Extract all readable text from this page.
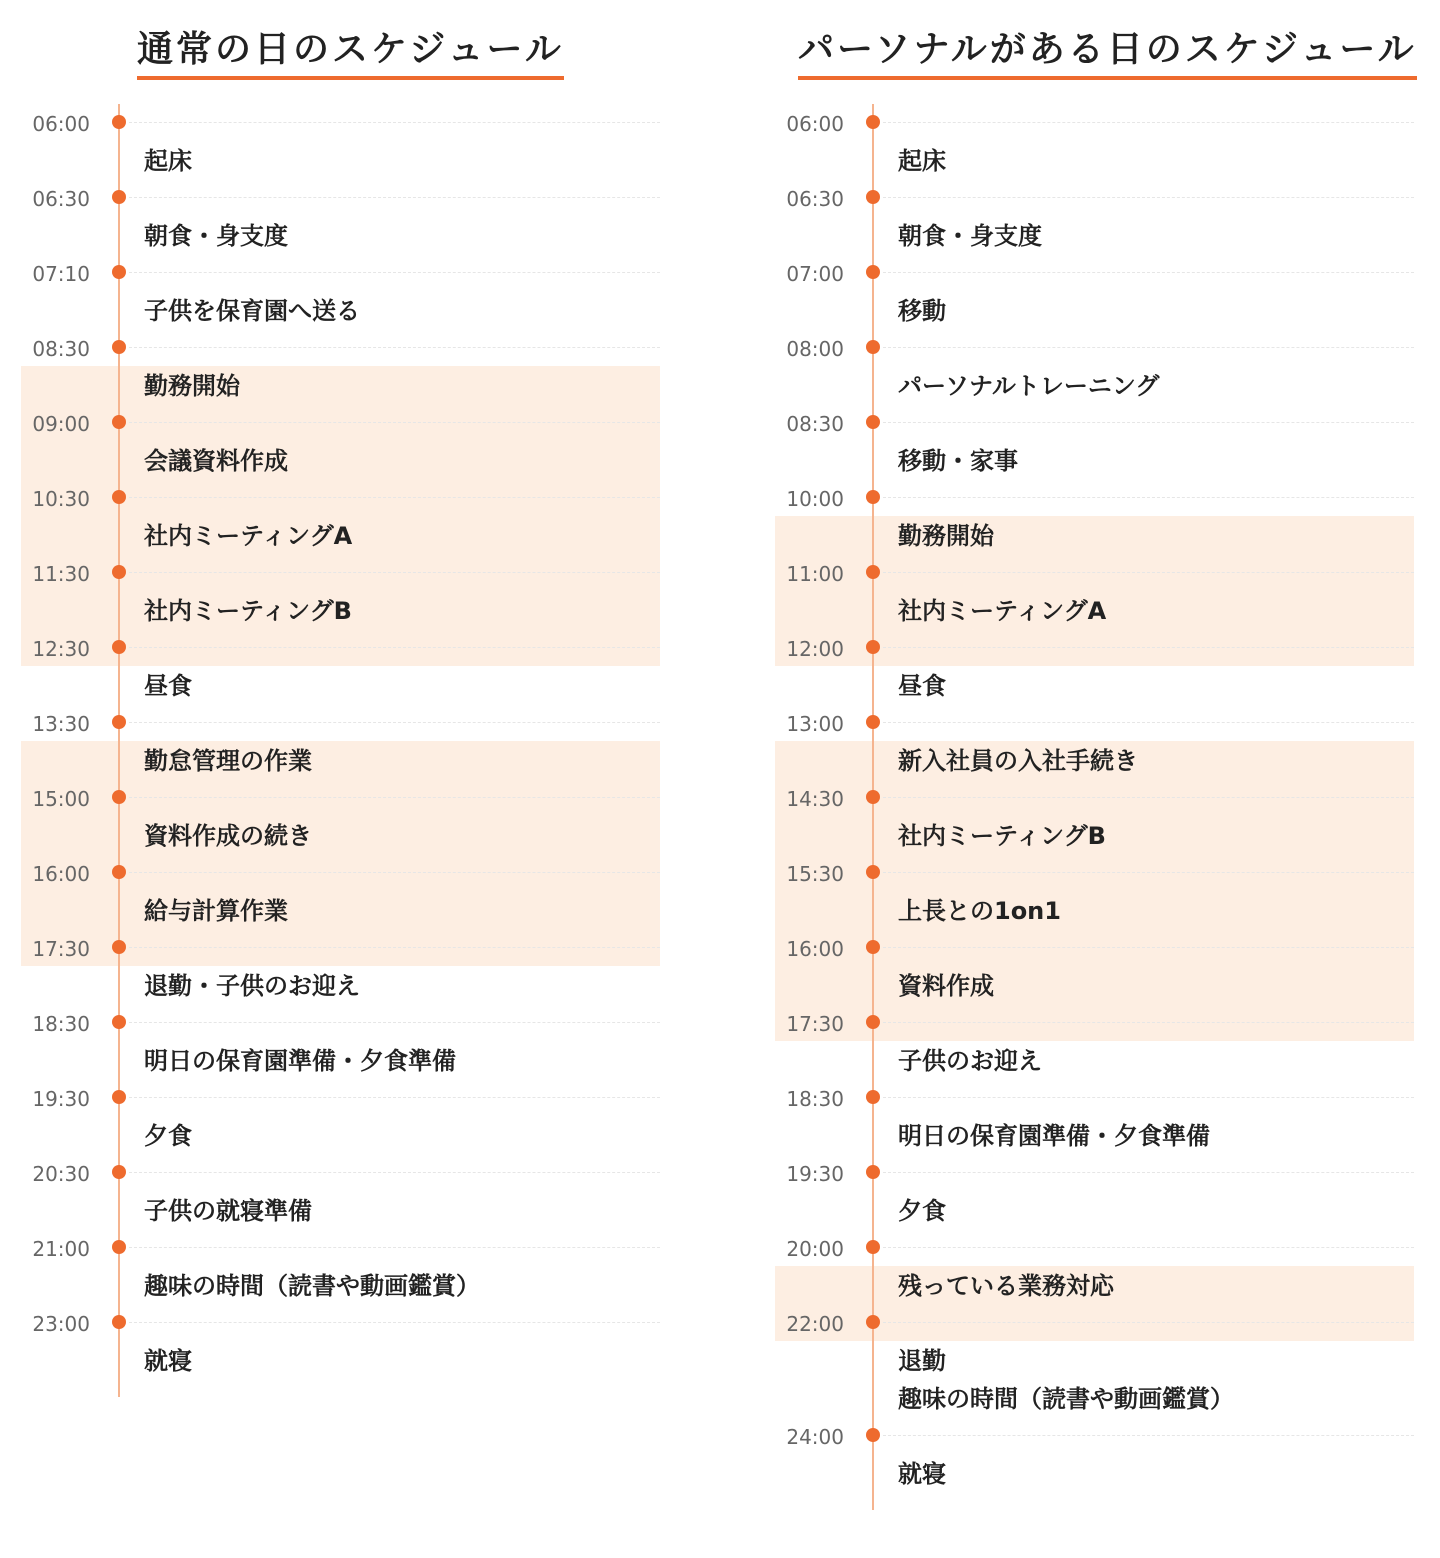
通常の日のスケジュール
06:00
起床
06:30
朝食・身支度
07:10
子供を保育園へ送る
08:30
勤務開始
09:00
会議資料作成
10:30
社内ミーティングA
11:30
社内ミーティングB
12:30
昼食
13:30
勤怠管理の作業
15:00
資料作成の続き
16:00
給与計算作業
17:30
退勤・子供のお迎え
18:30
明日の保育園準備・夕食準備
19:30
夕食
20:30
子供の就寝準備
21:00
趣味の時間（読書や動画鑑賞）
23:00
就寝
パーソナルがある日のスケジュール
06:00
起床
06:30
朝食・身支度
07:00
移動
08:00
パーソナルトレーニング
08:30
移動・家事
10:00
勤務開始
11:00
社内ミーティングA
12:00
昼食
13:00
新入社員の入社手続き
14:30
社内ミーティングB
15:30
上長との1on1
16:00
資料作成
17:30
子供のお迎え
18:30
明日の保育園準備・夕食準備
19:30
夕食
20:00
残っている業務対応
22:00
退勤
趣味の時間（読書や動画鑑賞）
24:00
就寝
